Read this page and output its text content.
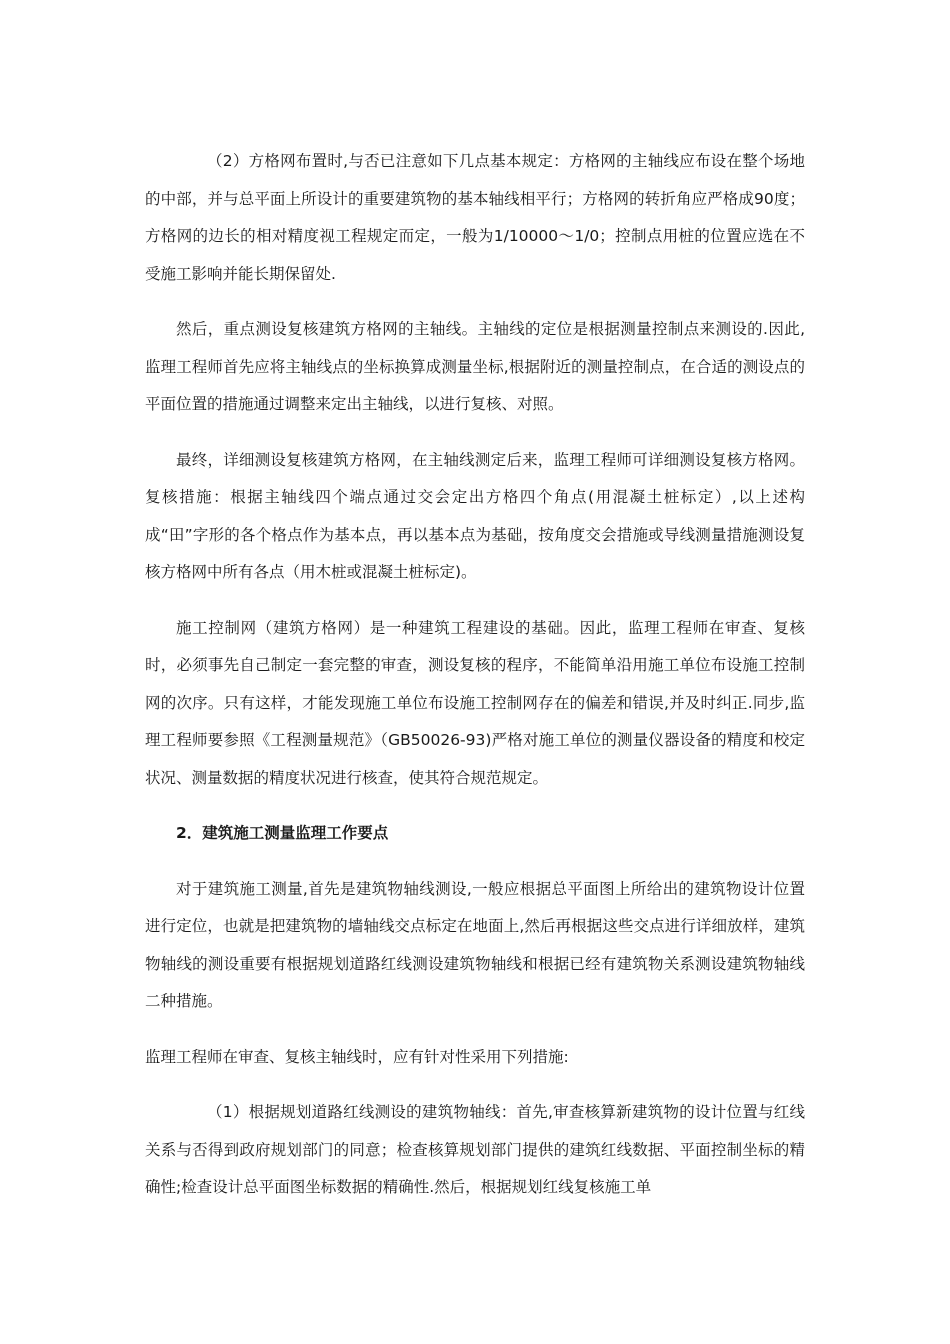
（2）方格网布置时,与否已注意如下几点基本规定：方格网的主轴线应布设在整个场地的中部，并与总平面上所设计的重要建筑物的基本轴线相平行；方格网的转折角应严格成90度；方格网的边长的相对精度视工程规定而定，一般为1/10000～1/0；控制点用桩的位置应选在不受施工影响并能长期保留处.

然后，重点测设复核建筑方格网的主轴线。主轴线的定位是根据测量控制点来测设的.因此,监理工程师首先应将主轴线点的坐标换算成测量坐标,根据附近的测量控制点，在合适的测设点的平面位置的措施通过调整来定出主轴线，以进行复核、对照。

最终，详细测设复核建筑方格网，在主轴线测定后来，监理工程师可详细测设复核方格网。复核措施：根据主轴线四个端点通过交会定出方格四个角点(用混凝土桩标定）,以上述构成“田”字形的各个格点作为基本点，再以基本点为基础，按角度交会措施或导线测量措施测设复核方格网中所有各点（用木桩或混凝土桩标定)。

施工控制网（建筑方格网）是一种建筑工程建设的基础。因此，监理工程师在审查、复核时，必须事先自己制定一套完整的审查，测设复核的程序，不能简单沿用施工单位布设施工控制网的次序。只有这样，才能发现施工单位布设施工控制网存在的偏差和错误,并及时纠正.同步,监理工程师要参照《工程测量规范》（GB50026-93)严格对施工单位的测量仪器设备的精度和校定状况、测量数据的精度状况进行核查，使其符合规范规定。

2．建筑施工测量监理工作要点

对于建筑施工测量,首先是建筑物轴线测设,一般应根据总平面图上所给出的建筑物设计位置进行定位，也就是把建筑物的墙轴线交点标定在地面上,然后再根据这些交点进行详细放样，建筑物轴线的测设重要有根据规划道路红线测设建筑物轴线和根据已经有建筑物关系测设建筑物轴线二种措施。

监理工程师在审查、复核主轴线时，应有针对性采用下列措施:

（1）根据规划道路红线测设的建筑物轴线：首先,审查核算新建筑物的设计位置与红线关系与否得到政府规划部门的同意；检查核算规划部门提供的建筑红线数据、平面控制坐标的精确性;检查设计总平面图坐标数据的精确性.然后，根据规划红线复核施工单
